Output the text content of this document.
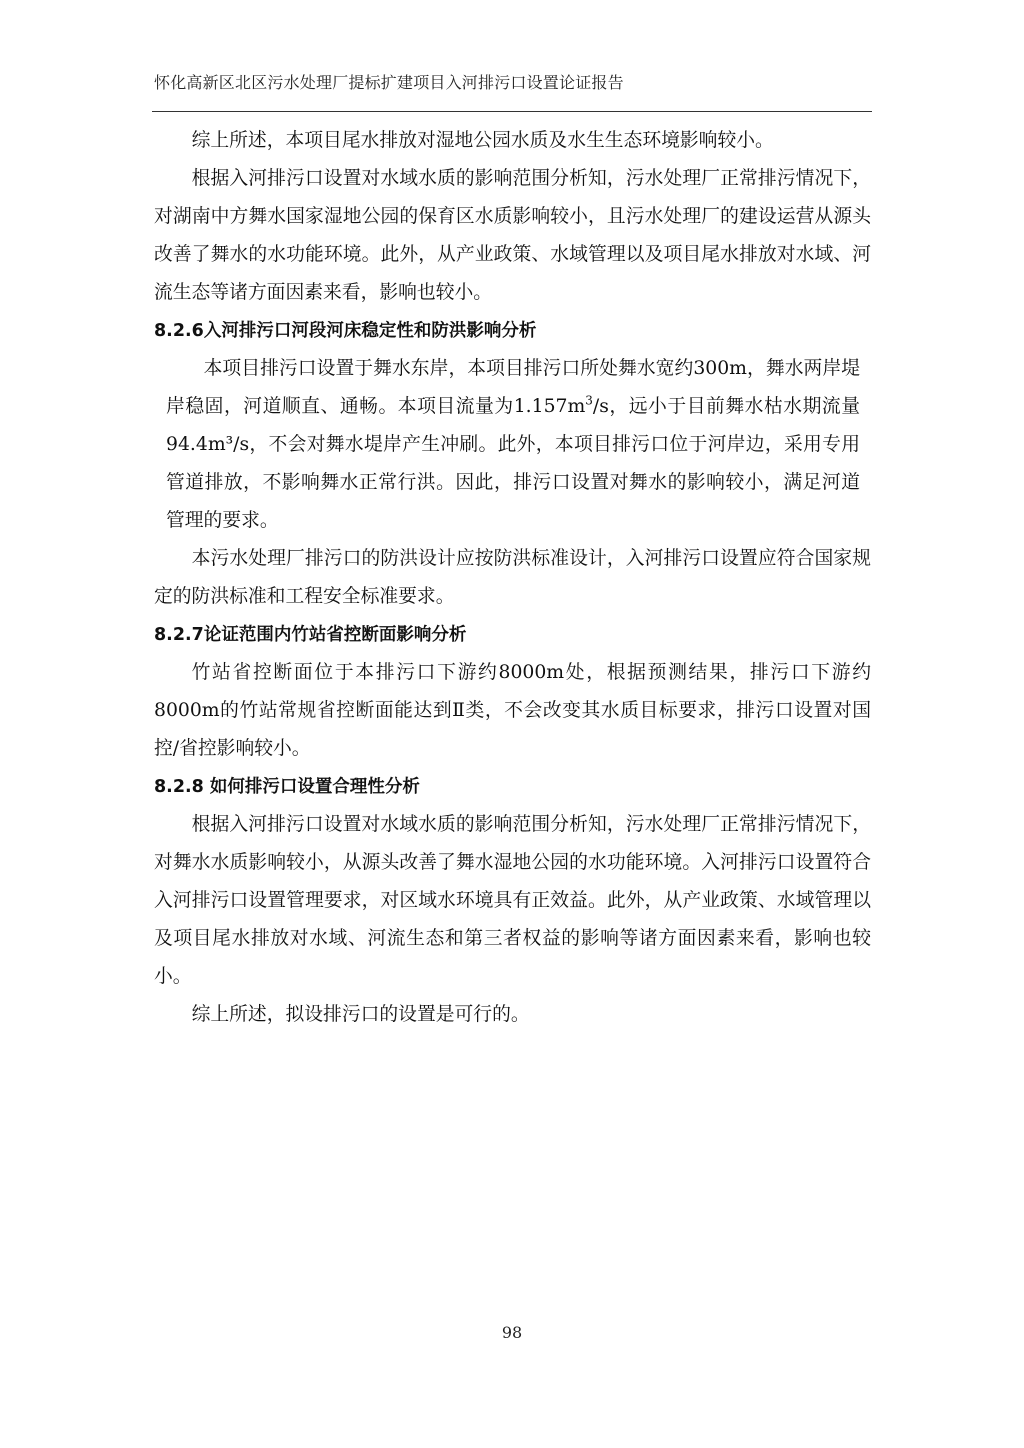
怀化高新区北区污水处理厂提标扩建项目入河排污口设置论证报告

综上所述，本项目尾水排放对湿地公园水质及水生生态环境影响较小。

根据入河排污口设置对水域水质的影响范围分析知，污水处理厂正常排污情况下，对湖南中方舞水国家湿地公园的保育区水质影响较小，且污水处理厂的建设运营从源头改善了舞水的水功能环境。此外，从产业政策、水域管理以及项目尾水排放对水域、河流生态等诸方面因素来看，影响也较小。

8.2.6入河排污口河段河床稳定性和防洪影响分析

本项目排污口设置于舞水东岸，本项目排污口所处舞水宽约300m，舞水两岸堤岸稳固，河道顺直、通畅。本项目流量为$1.157m^3/s$，远小于目前舞水枯水期流量94.4m³/s，不会对舞水堤岸产生冲刷。此外，本项目排污口位于河岸边，采用专用管道排放，不影响舞水正常行洪。因此，排污口设置对舞水的影响较小，满足河道管理的要求。

本污水处理厂排污口的防洪设计应按防洪标准设计，入河排污口设置应符合国家规定的防洪标准和工程安全标准要求。

8.2.7论证范围内竹站省控断面影响分析

竹站省控断面位于本排污口下游约8000m处，根据预测结果，排污口下游约8000m的竹站常规省控断面能达到Ⅱ类，不会改变其水质目标要求，排污口设置对国控/省控影响较小。

8.2.8 如何排污口设置合理性分析

根据入河排污口设置对水域水质的影响范围分析知，污水处理厂正常排污情况下，对舞水水质影响较小，从源头改善了舞水湿地公园的水功能环境。入河排污口设置符合入河排污口设置管理要求，对区域水环境具有正效益。此外，从产业政策、水域管理以及项目尾水排放对水域、河流生态和第三者权益的影响等诸方面因素来看，影响也较小。

综上所述，拟设排污口的设置是可行的。

98
